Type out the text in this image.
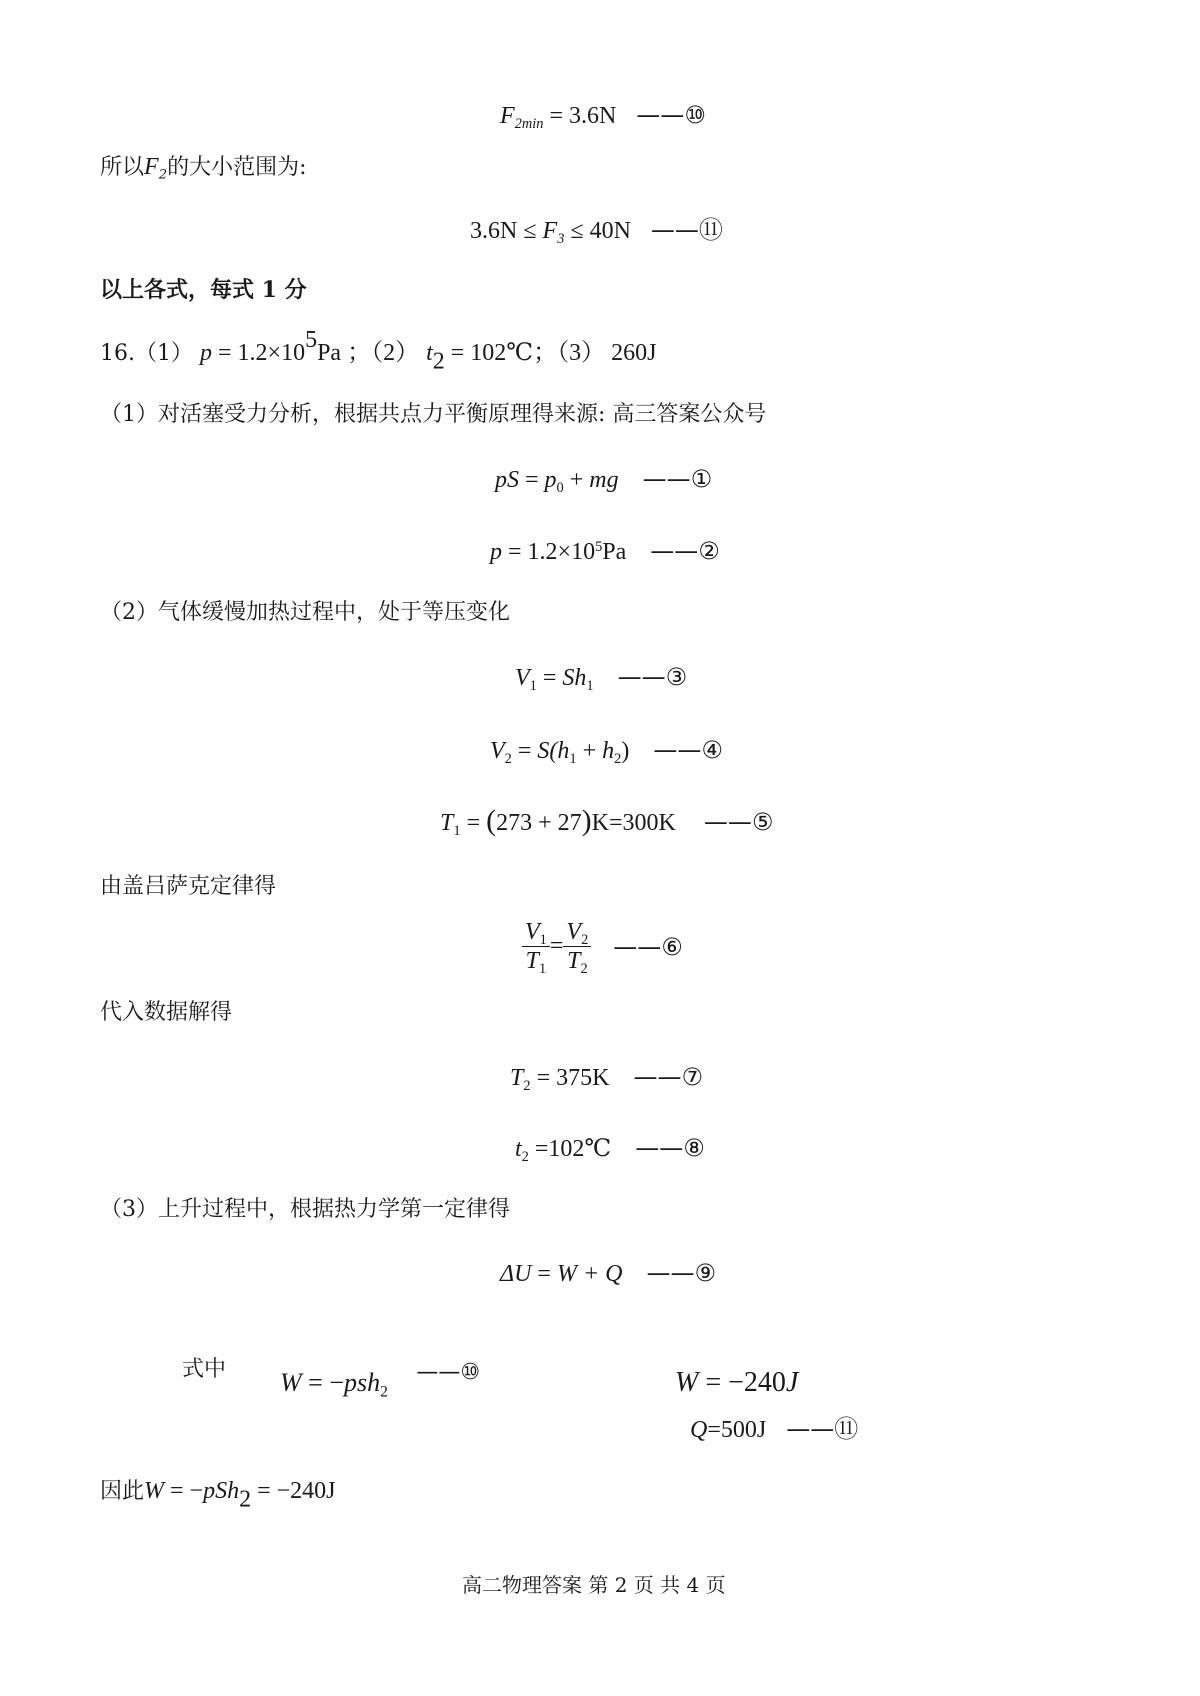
$F_{2min} = 3.6N$ ——⑩
所以$F_2$的大小范围为:
$3.6N \le F_3 \le 40N$ ——⑪
以上各式，每式 1 分
16.（1） $p = 1.2\times 10^5Pa$ ；（2） $t_2$ = 102℃；（3） 260J
（1）对活塞受力分析，根据共点力平衡原理得来源: 高三答案公众号
pS = $p_0$ + mg ——①
$p = 1.2\times 10^5Pa$ ——②
（2）气体缓慢加热过程中，处于等压变化
$V_1 = Sh_1$ ——③
$V_2 = S(h_1 + h_2)$ ——④
$T_1 = (273 + 27)K=300K$ ——⑤
由盖吕萨克定律得
$\frac{V_1}{T_1} = \frac{V_2}{T_2}$ ——⑥
代入数据解得
$T_2 = 375K$ ——⑦
$t_2$ =102℃ ——⑧
（3）上升过程中，根据热力学第一定律得
ΔU = W + Q ——⑨
式中 W = −psh$_2$ ——⑩	W = −240J
Q=500J ——⑪
因此W = −pSh$_2$ = −240J
高二物理答案 第 2 页 共 4 页
